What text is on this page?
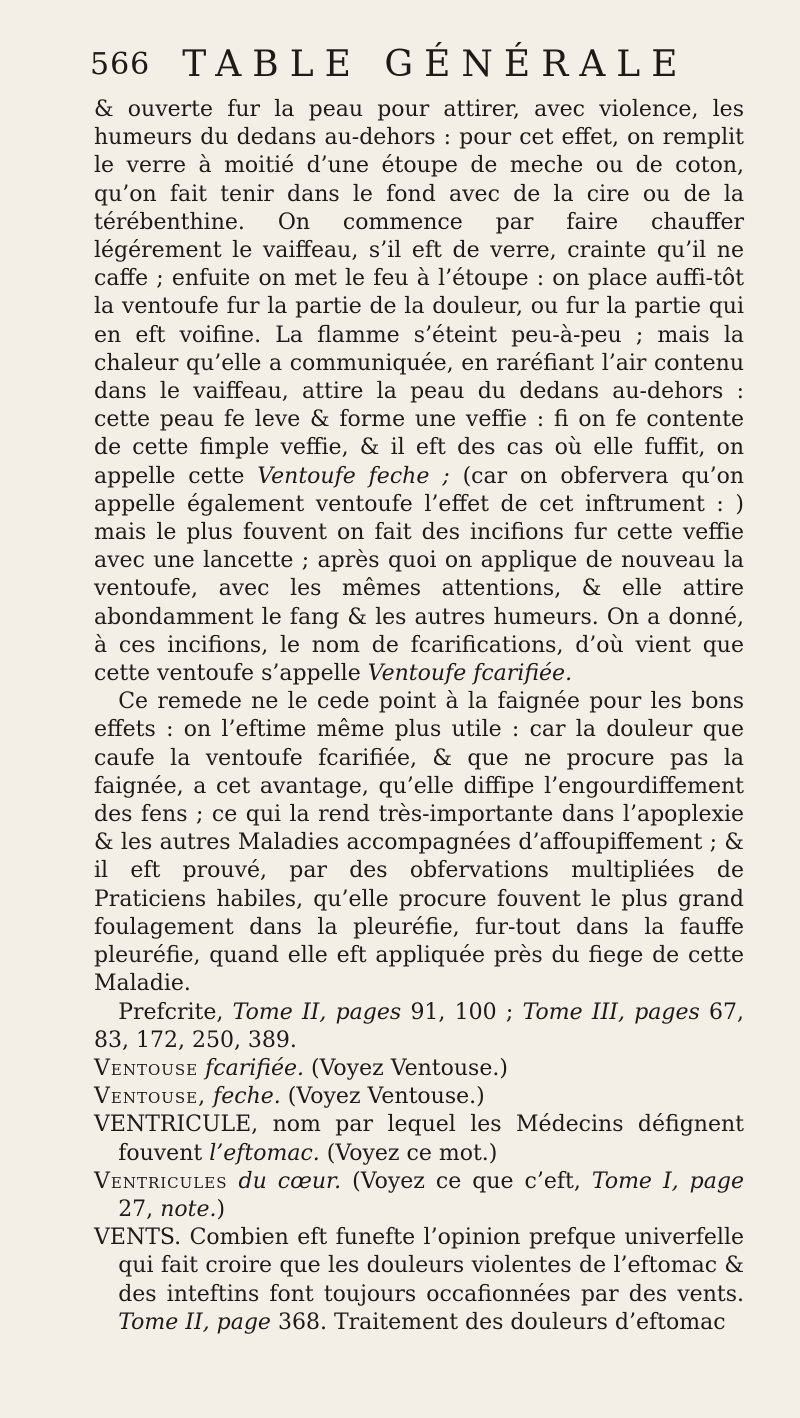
566 TABLE GÉNÉRALE

& ouverte fur la peau pour attirer, avec violence, les humeurs du dedans au-dehors : pour cet effet, on remplit le verre à moitié d’une étoupe de meche ou de coton, qu’on fait tenir dans le fond avec de la cire ou de la térébenthine. On commence par faire chauffer légérement le vaiffeau, s’il eft de verre, crainte qu’il ne caffe ; enfuite on met le feu à l’étoupe : on place auffi-tôt la ventoufe fur la partie de la douleur, ou fur la partie qui en eft voifine. La flamme s’éteint peu-à-peu ; mais la chaleur qu’elle a communiquée, en raréfiant l’air contenu dans le vaiffeau, attire la peau du dedans au-dehors : cette peau fe leve & forme une veffie : fi on fe contente de cette fimple veffie, & il eft des cas où elle fuffit, on appelle cette Ventoufe feche ; (car on obfervera qu’on appelle également ventoufe l’effet de cet inftrument : ) mais le plus fouvent on fait des incifions fur cette veffie avec une lancette ; après quoi on applique de nouveau la ventoufe, avec les mêmes attentions, & elle attire abondamment le fang & les autres humeurs. On a donné, à ces incifions, le nom de fcarifications, d’où vient que cette ventoufe s’appelle Ventoufe fcarifiée.

Ce remede ne le cede point à la faignée pour les bons effets : on l’eftime même plus utile : car la douleur que caufe la ventoufe fcarifiée, & que ne procure pas la faignée, a cet avantage, qu’elle diffipe l’engourdiffement des fens ; ce qui la rend très-importante dans l’apoplexie & les autres Maladies accompagnées d’affoupiffement ; & il eft prouvé, par des obfervations multipliées de Praticiens habiles, qu’elle procure fouvent le plus grand foulagement dans la pleuréfie, fur-tout dans la fauffe pleuréfie, quand elle eft appliquée près du fiege de cette Maladie.

Prefcrite, Tome II, pages 91, 100 ; Tome III, pages 67, 83, 172, 250, 389.

Ventouse fcarifiée. (Voyez Ventouse.)

Ventouse, feche. (Voyez Ventouse.)

VENTRICULE, nom par lequel les Médecins défignent fouvent l’eftomac. (Voyez ce mot.)

Ventricules du cœur. (Voyez ce que c’eft, Tome I, page 27, note.)

VENTS. Combien eft funefte l’opinion prefque univerfelle qui fait croire que les douleurs violentes de l’eftomac & des inteftins font toujours occafionnées par des vents. Tome II, page 368. Traitement des douleurs d’eftomac
